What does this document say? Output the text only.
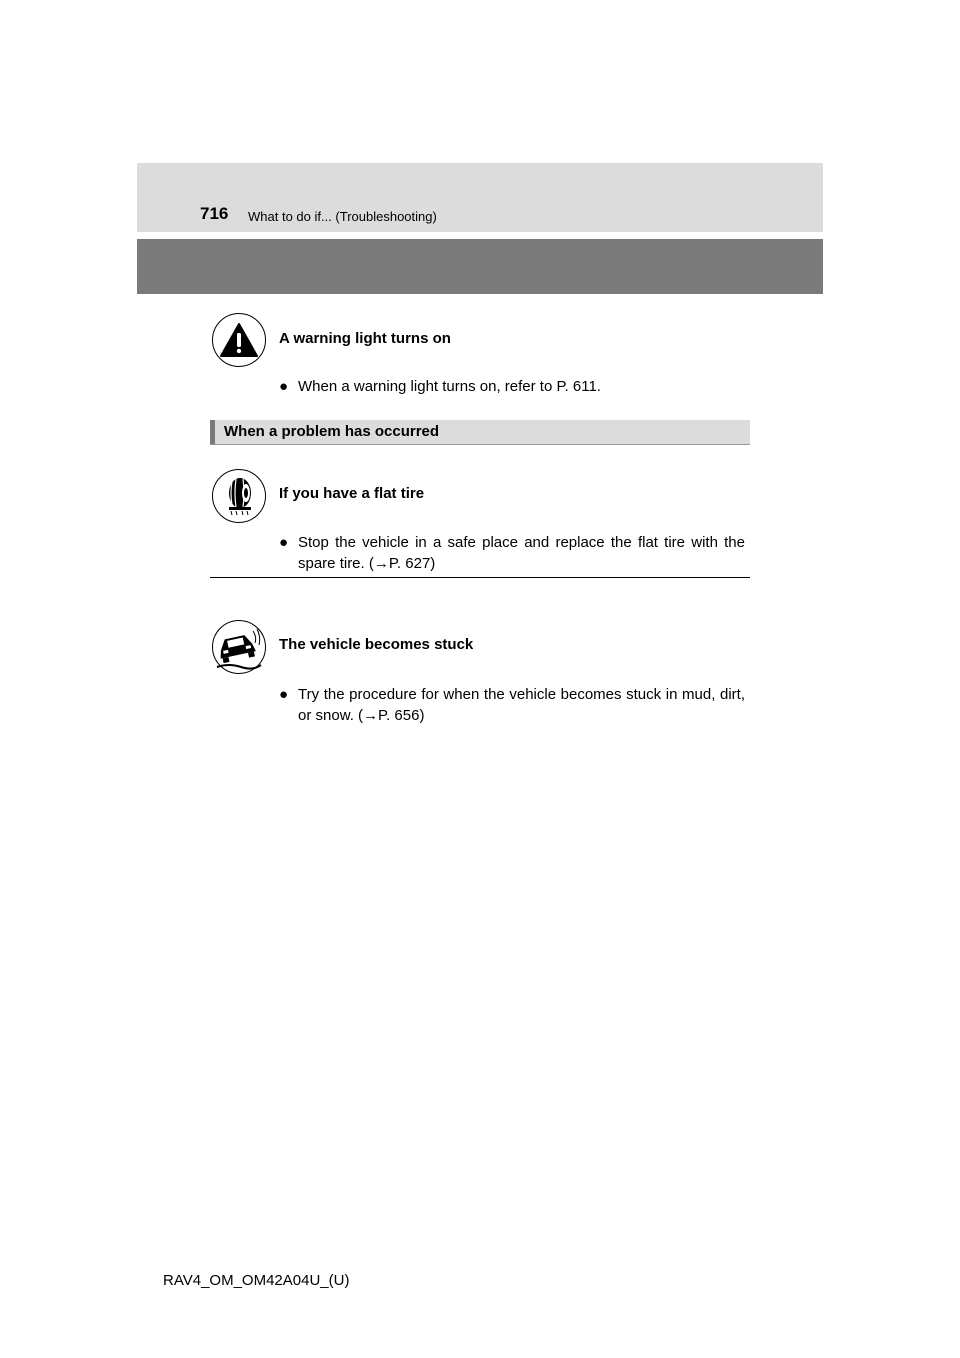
716 What to do if... (Troubleshooting)
A warning light turns on
● When a warning light turns on, refer to P. 611.
When a problem has occurred
If you have a flat tire
● Stop the vehicle in a safe place and replace the flat tire with the spare tire. (→P. 627)
The vehicle becomes stuck
● Try the procedure for when the vehicle becomes stuck in mud, dirt, or snow. (→P. 656)
RAV4_OM_OM42A04U_(U)
